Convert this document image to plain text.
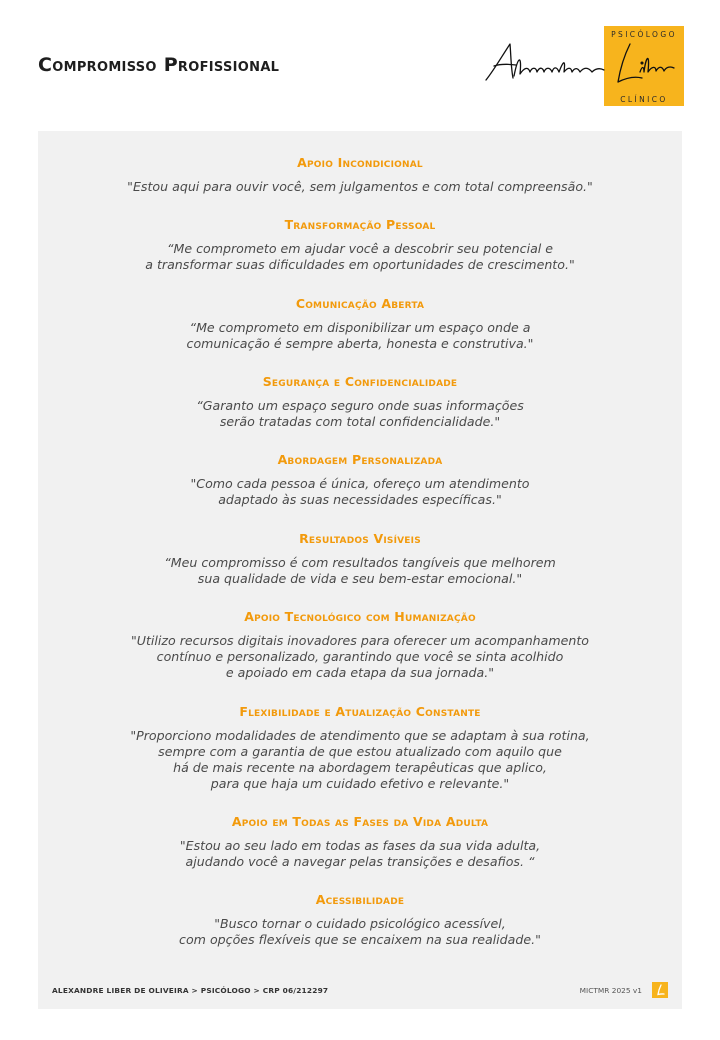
Compromisso Profissional
PSICÓLOGO
CLÍNICO
Apoio Incondicional
"Estou aqui para ouvir você, sem julgamentos e com total compreensão."
Transformação Pessoal
“Me comprometo em ajudar você a descobrir seu potencial e
a transformar suas dificuldades em oportunidades de crescimento."
Comunicação Aberta
“Me comprometo em disponibilizar um espaço onde a
comunicação é sempre aberta, honesta e construtiva."
Segurança e Confidencialidade
“Garanto um espaço seguro onde suas informações
serão tratadas com total confidencialidade."
Abordagem Personalizada
"Como cada pessoa é única, ofereço um atendimento
adaptado às suas necessidades específicas."
Resultados Visíveis
“Meu compromisso é com resultados tangíveis que melhorem
sua qualidade de vida e seu bem-estar emocional."
Apoio Tecnológico com Humanização
"Utilizo recursos digitais inovadores para oferecer um acompanhamento
contínuo e personalizado, garantindo que você se sinta acolhido
e apoiado em cada etapa da sua jornada."
Flexibilidade e Atualização Constante
"Proporciono modalidades de atendimento que se adaptam à sua rotina,
sempre com a garantia de que estou atualizado com aquilo que
há de mais recente na abordagem terapêuticas que aplico,
para que haja um cuidado efetivo e relevante."
Apoio em Todas as Fases da Vida Adulta
"Estou ao seu lado em todas as fases da sua vida adulta,
ajudando você a navegar pelas transições e desafios. “
Acessibilidade
"Busco tornar o cuidado psicológico acessível,
com opções flexíveis que se encaixem na sua realidade."
ALEXANDRE LIBER DE OLIVEIRA > PSICÓLOGO > CRP 06/212297	MICTMR 2025 v1
